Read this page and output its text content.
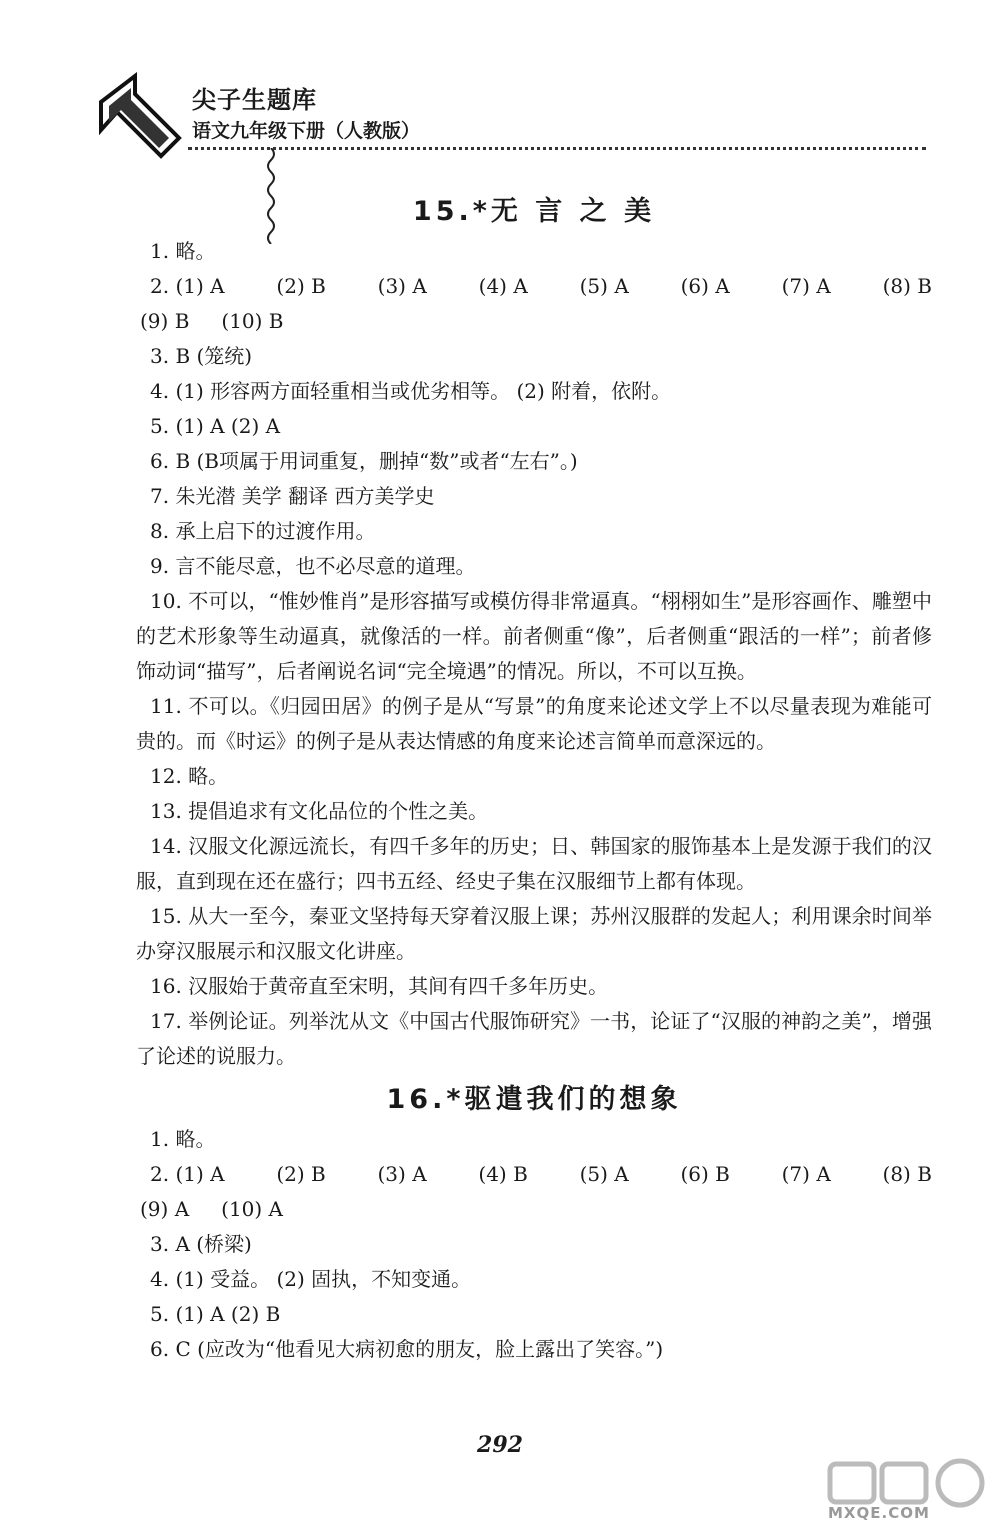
尖子生题库
语文九年级下册（人教版）
15.*无 言 之 美
1. 略。
2. (1) A	(2) B	(3) A	(4) A	(5) A	(6) A	(7) A	(8) B
(9) B (10) B
3. B (笼统)
4. (1) 形容两方面轻重相当或优劣相等。 (2) 附着，依附。
5. (1) A (2) A
6. B (B项属于用词重复，删掉“数”或者“左右”。)
7. 朱光潜 美学 翻译 西方美学史
8. 承上启下的过渡作用。
9. 言不能尽意，也不必尽意的道理。
10. 不可以，“惟妙惟肖”是形容描写或模仿得非常逼真。“栩栩如生”是形容画作、雕塑中的艺术形象等生动逼真，就像活的一样。前者侧重“像”，后者侧重“跟活的一样”；前者修饰动词“描写”，后者阐说名词“完全境遇”的情况。所以，不可以互换。
11. 不可以。《归园田居》的例子是从“写景”的角度来论述文学上不以尽量表现为难能可贵的。而《时运》的例子是从表达情感的角度来论述言简单而意深远的。
12. 略。
13. 提倡追求有文化品位的个性之美。
14. 汉服文化源远流长，有四千多年的历史；日、韩国家的服饰基本上是发源于我们的汉服，直到现在还在盛行；四书五经、经史子集在汉服细节上都有体现。
15. 从大一至今，秦亚文坚持每天穿着汉服上课；苏州汉服群的发起人；利用课余时间举办穿汉服展示和汉服文化讲座。
16. 汉服始于黄帝直至宋明，其间有四千多年历史。
17. 举例论证。列举沈从文《中国古代服饰研究》一书，论证了“汉服的神韵之美”，增强了论述的说服力。
16.*驱遣我们的想象
1. 略。
2. (1) A	(2) B	(3) A	(4) B	(5) A	(6) B	(7) A	(8) B
(9) A (10) A
3. A (桥梁)
4. (1) 受益。 (2) 固执，不知变通。
5. (1) A (2) B
6. C (应改为“他看见大病初愈的朋友，脸上露出了笑容。”)
292
MXQE.COM
